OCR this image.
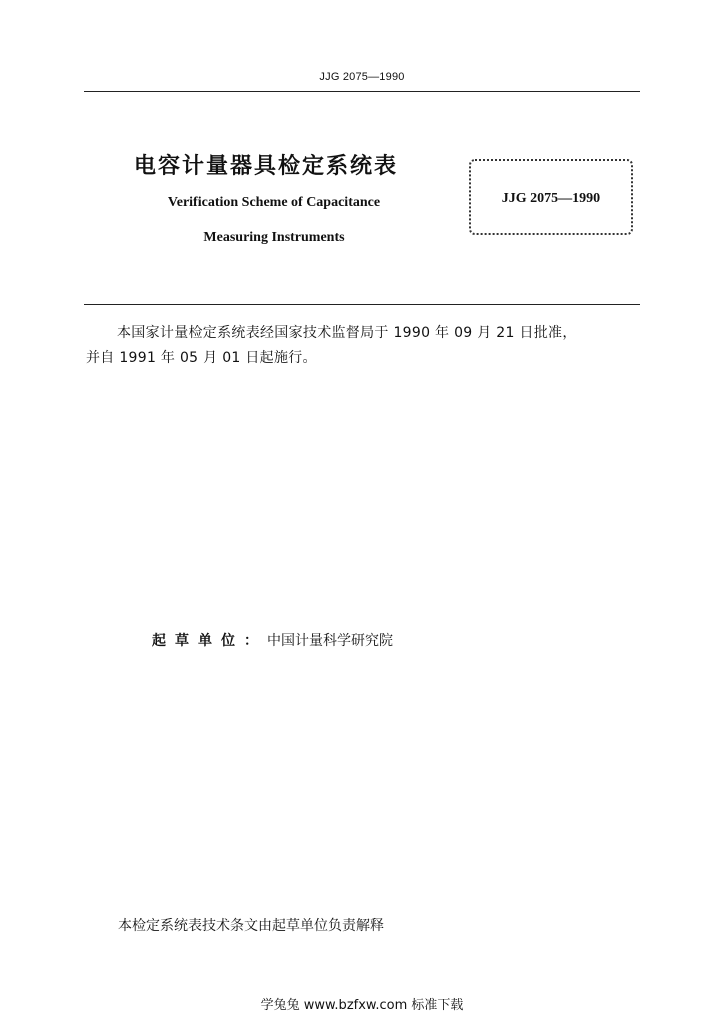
JJG 2075—1990
电容计量器具检定系统表
Verification Scheme of Capacitance
Measuring Instruments
JJG 2075—1990

本国家计量检定系统表经国家技术监督局于 1990 年 09 月 21 日批准，

并自 1991 年 05 月 01 日起施行。

起草单位：中国计量科学研究院
本检定系统表技术条文由起草单位负责解释
学兔兔 www.bzfxw.com 标准下载
